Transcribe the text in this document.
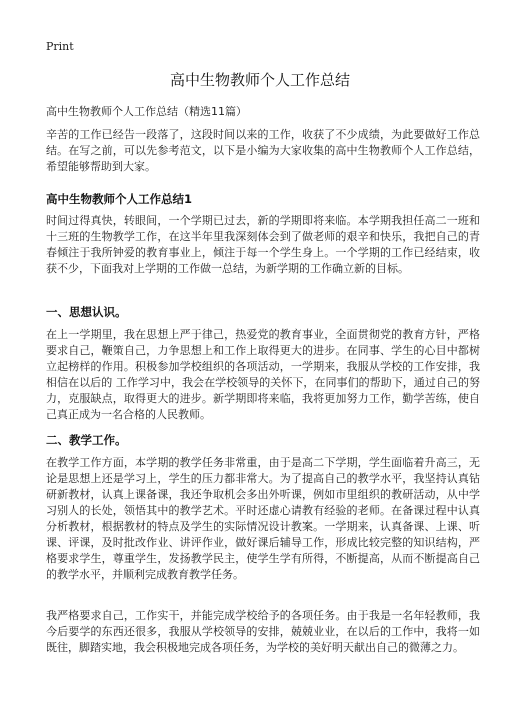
Print
高中生物教师个人工作总结
高中生物教师个人工作总结（精选11篇）
辛苦的工作已经告一段落了，这段时间以来的工作，收获了不少成绩，为此要做好工作总结。在写之前，可以先参考范文，以下是小编为大家收集的高中生物教师个人工作总结，希望能够帮助到大家。
高中生物教师个人工作总结1
时间过得真快，转眼间，一个学期已过去，新的学期即将来临。本学期我担任高二一班和十三班的生物教学工作，在这半年里我深刻体会到了做老师的艰辛和快乐，我把自己的青春倾注于我所钟爱的教育事业上，倾注于每一个学生身上。一个学期的工作已经结束，收获不少，下面我对上学期的工作做一总结，为新学期的工作确立新的目标。
一、思想认识。
在上一学期里，我在思想上严于律己，热爱党的教育事业，全面贯彻党的教育方针，严格要求自己，鞭策自己，力争思想上和工作上取得更大的进步。在同事、学生的心目中都树立起榜样的作用。积极参加学校组织的各项活动，一学期来，我服从学校的工作安排，我相信在以后的 工作学习中，我会在学校领导的关怀下，在同事们的帮助下，通过自己的努力，克服缺点，取得更大的进步。新学期即将来临，我将更加努力工作，勤学苦练，使自己真正成为一名合格的人民教师。
二、教学工作。
在教学工作方面，本学期的教学任务非常重，由于是高二下学期，学生面临着升高三，无论是思想上还是学习上，学生的压力都非常大。为了提高自己的教学水平，我坚持认真钻研新教材，认真上课备课，我还争取机会多出外听课，例如市里组织的教研活动，从中学习别人的长处，领悟其中的教学艺术。平时还虚心请教有经验的老师。在备课过程中认真分析教材，根据教材的特点及学生的实际情况设计教案。一学期来，认真备课、上课、听课、评课，及时批改作业、讲评作业，做好课后辅导工作，形成比较完整的知识结构，严格要求学生，尊重学生，发扬教学民主，使学生学有所得，不断提高，从而不断提高自己的教学水平，并顺利完成教育教学任务。
我严格要求自己，工作实干，并能完成学校给予的各项任务。由于我是一名年轻教师，我今后要学的东西还很多，我服从学校领导的安排，兢兢业业，在以后的工作中，我将一如既往，脚踏实地，我会积极地完成各项任务，为学校的美好明天献出自己的微薄之力。
